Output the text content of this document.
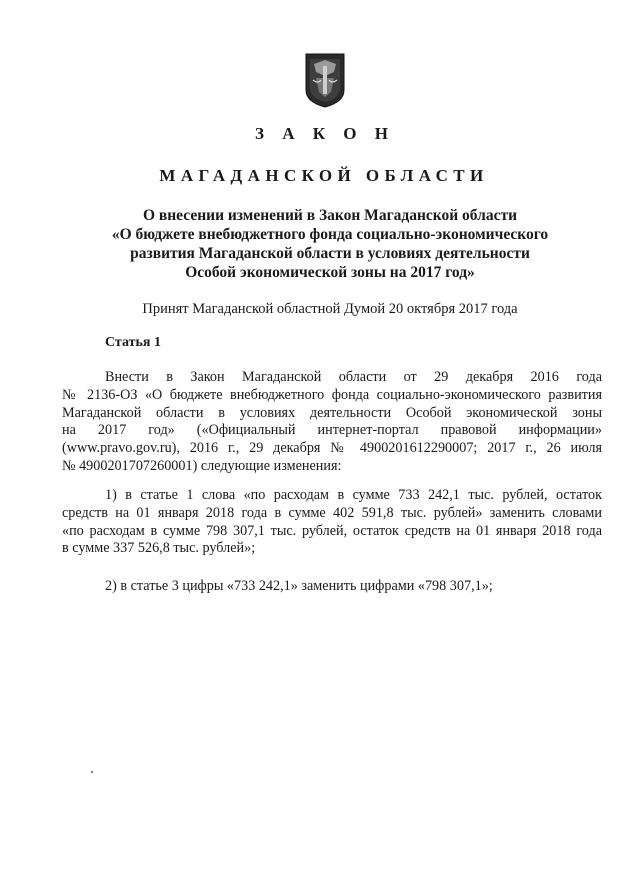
З А К О Н
МАГАДАНСКОЙ ОБЛАСТИ
О внесении изменений в Закон Магаданской области
«О бюджете внебюджетного фонда социально-экономического
развития Магаданской области в условиях деятельности
Особой экономической зоны на 2017 год»
Принят Магаданской областной Думой 20 октября 2017 года
Статья 1
Внести в Закон Магаданской области от 29 декабря 2016 года
№ 2136-ОЗ «О бюджете внебюджетного фонда социально-экономического развития
Магаданской области в условиях деятельности Особой экономической зоны
на 2017 год» («Официальный интернет-портал правовой информации»
(www.pravo.gov.ru), 2016 г., 29 декабря № 4900201612290007; 2017 г., 26 июля
№ 4900201707260001) следующие изменения:
1) в статье 1 слова «по расходам в сумме 733 242,1 тыс. рублей, остаток
средств на 01 января 2018 года в сумме 402 591,8 тыс. рублей» заменить словами
«по расходам в сумме 798 307,1 тыс. рублей, остаток средств на 01 января 2018 года
в сумме 337 526,8 тыс. рублей»;
2) в статье 3 цифры «733 242,1» заменить цифрами «798 307,1»;
